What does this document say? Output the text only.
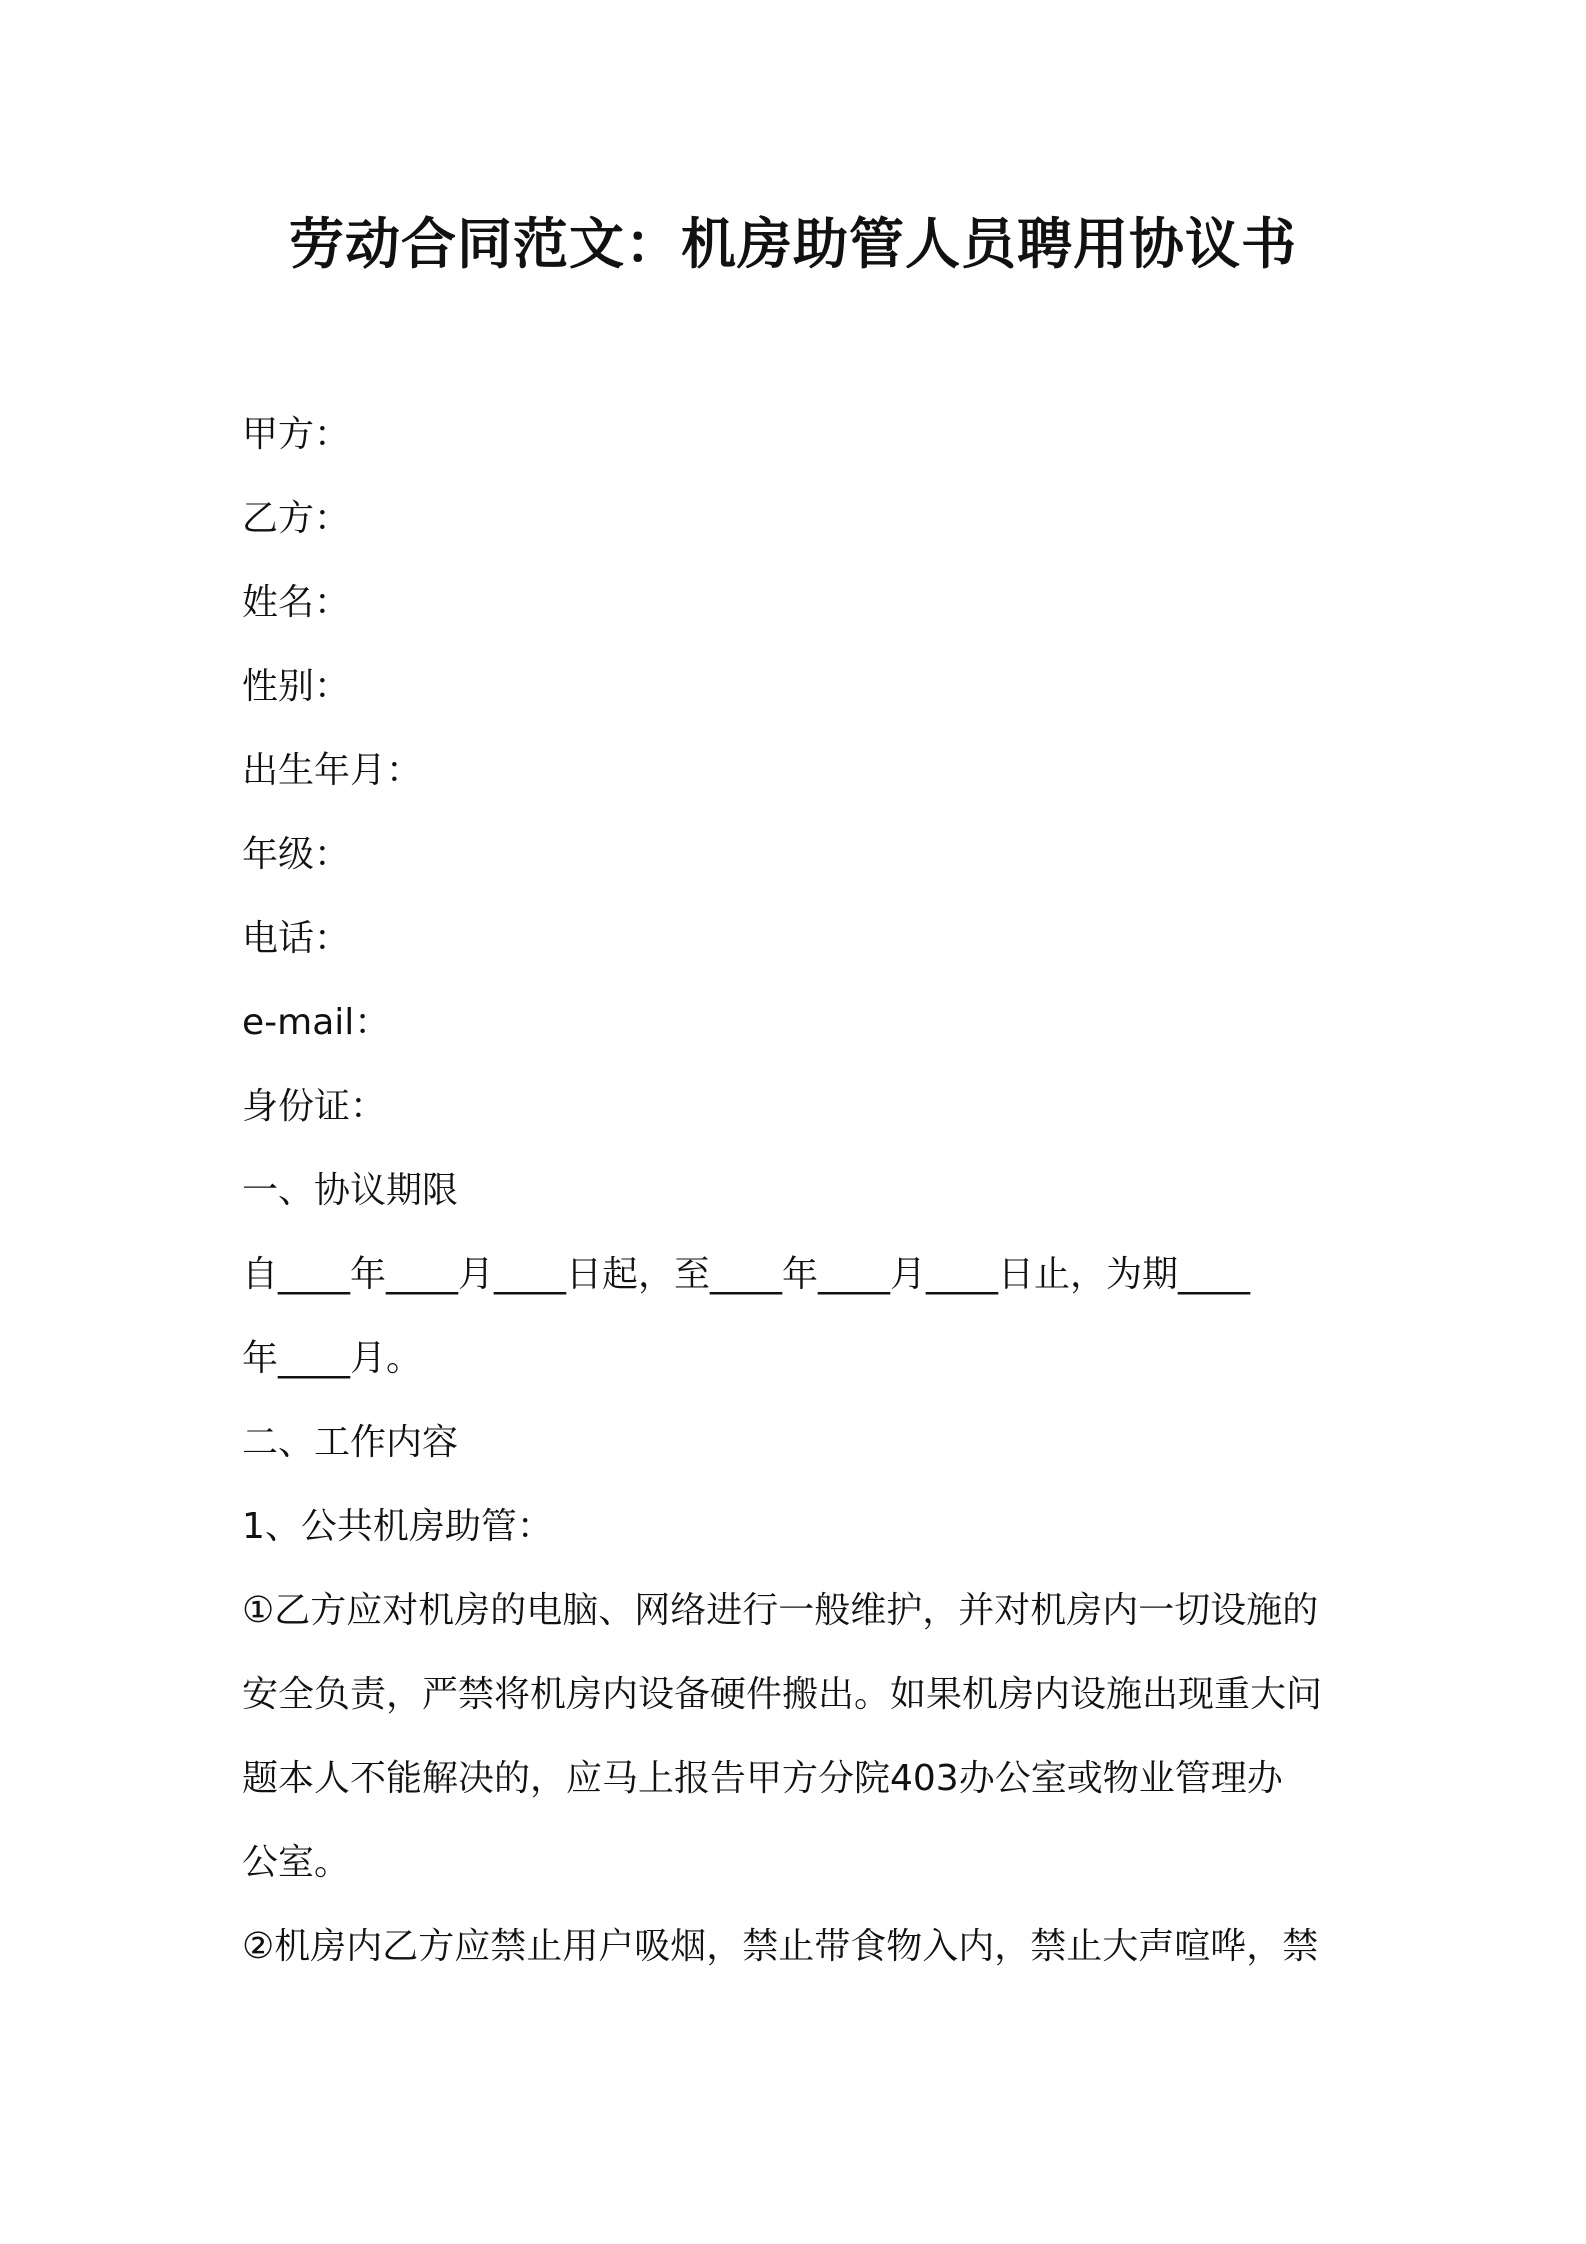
劳动合同范文：机房助管人员聘用协议书
甲方：
乙方：
姓名：
性别：
出生年月：
年级：
电话：
e-mail：
身份证：
一、协议期限
自____年____月____日起，至____年____月____日止，为期____
年____月。
二、工作内容
1、公共机房助管：
①乙方应对机房的电脑、网络进行一般维护，并对机房内一切设施的
安全负责，严禁将机房内设备硬件搬出。如果机房内设施出现重大问
题本人不能解决的，应马上报告甲方分院403办公室或物业管理办
公室。
②机房内乙方应禁止用户吸烟，禁止带食物入内，禁止大声喧哗，禁
